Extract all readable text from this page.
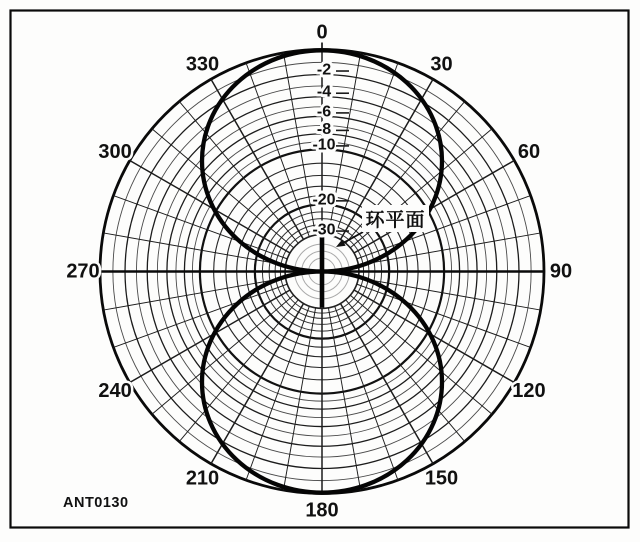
0
30
60
90
120
150
180
210
240
270
300
330	-2
-4
-6
-8
-10
-20
-30 环平面
ANT0130
